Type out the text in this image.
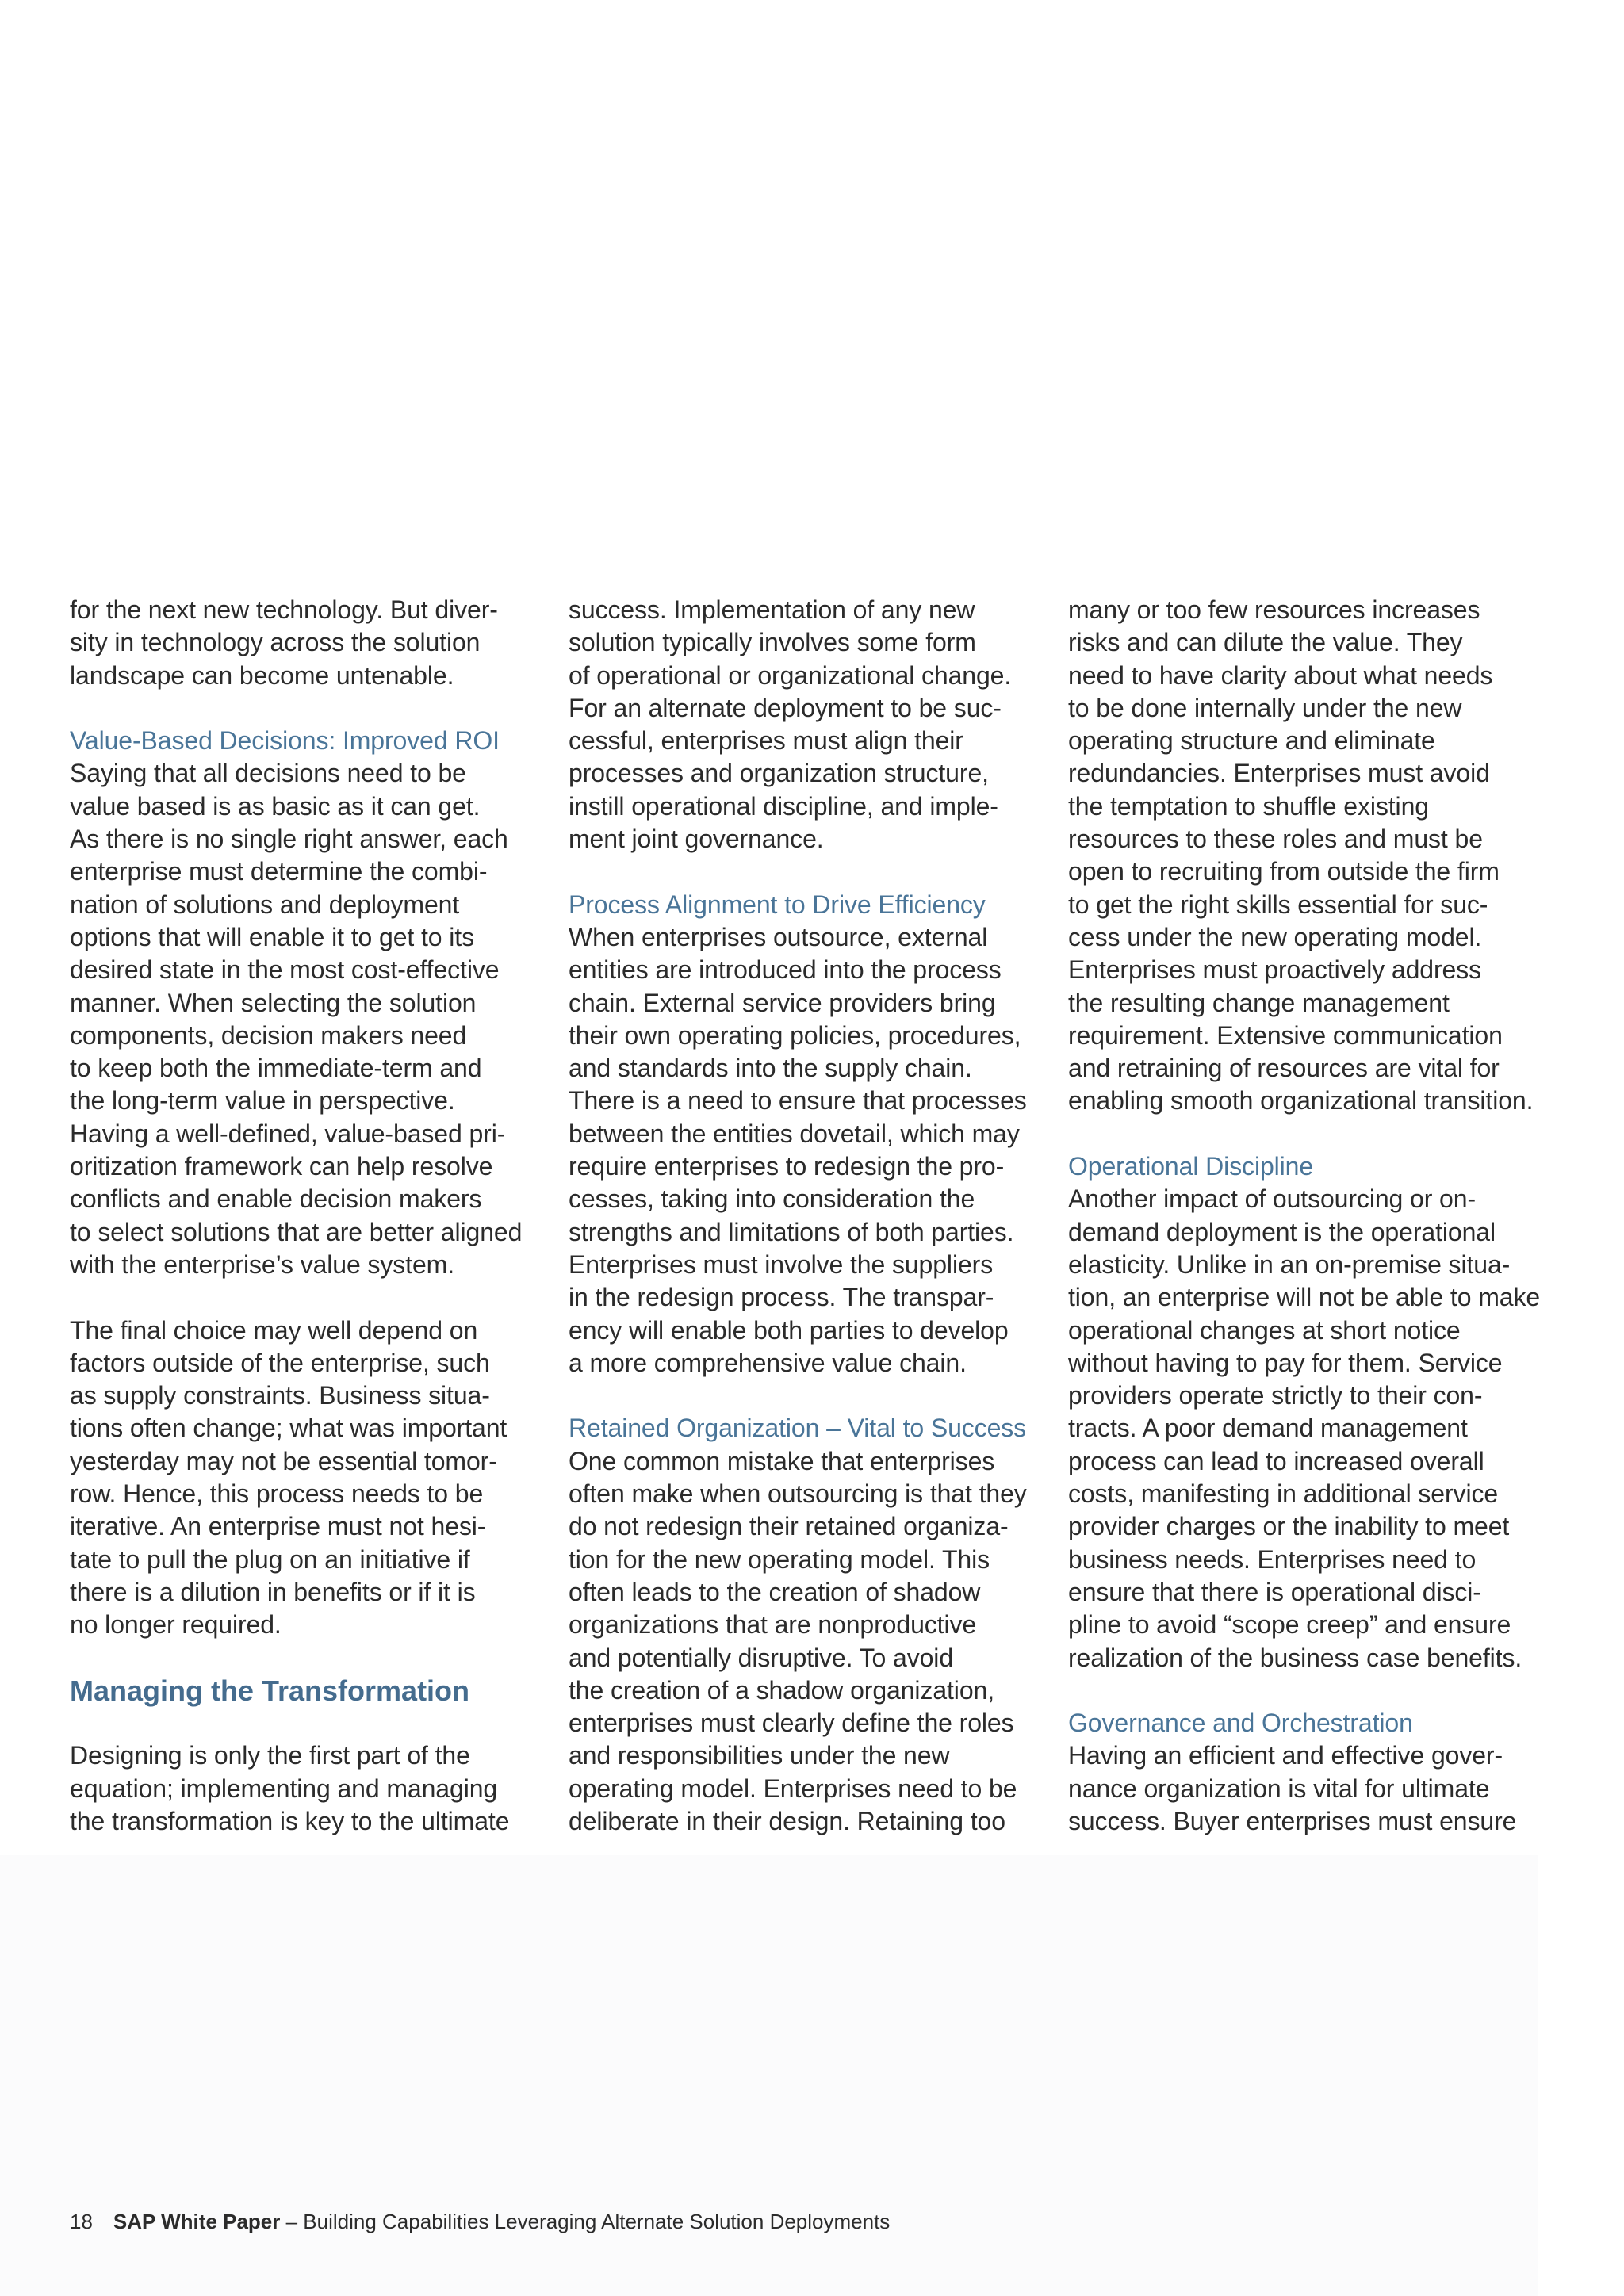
for the next new technology. But diver-
sity in technology across the solution
landscape can become untenable.
Value-Based Decisions: Improved ROI
Saying that all decisions need to be
value based is as basic as it can get.
As there is no single right answer, each
enterprise must determine the combi-
nation of solutions and deployment
options that will enable it to get to its
desired state in the most cost-effective
manner. When selecting the solution
components, decision makers need
to keep both the immediate-term and
the long-term value in perspective.
Having a well-defined, value-based pri-
oritization framework can help resolve
conflicts and enable decision makers
to select solutions that are better aligned
with the enterprise’s value system.
The final choice may well depend on
factors outside of the enterprise, such
as supply constraints. Business situa-
tions often change; what was important
yesterday may not be essential tomor-
row. Hence, this process needs to be
iterative. An enterprise must not hesi-
tate to pull the plug on an initiative if
there is a dilution in benefits or if it is
no longer required.
Managing the Transformation
Designing is only the first part of the
equation; implementing and managing
the transformation is key to the ultimate
success. Implementation of any new
solution typically involves some form
of operational or organizational change.
For an alternate deployment to be suc-
cessful, enterprises must align their
processes and organization structure,
instill operational discipline, and imple-
ment joint governance.
Process Alignment to Drive Efficiency
When enterprises outsource, external
entities are introduced into the process
chain. External service providers bring
their own operating policies, procedures,
and standards into the supply chain.
There is a need to ensure that processes
between the entities dovetail, which may
require enterprises to redesign the pro-
cesses, taking into consideration the
strengths and limitations of both parties.
Enterprises must involve the suppliers
in the redesign process. The transpar-
ency will enable both parties to develop
a more comprehensive value chain.
Retained Organization – Vital to Success
One common mistake that enterprises
often make when outsourcing is that they
do not redesign their retained organiza-
tion for the new operating model. This
often leads to the creation of shadow
organizations that are nonproductive
and potentially disruptive. To avoid
the creation of a shadow organization,
enterprises must clearly define the roles
and responsibilities under the new
operating model. Enterprises need to be
deliberate in their design. Retaining too
many or too few resources increases
risks and can dilute the value. They
need to have clarity about what needs
to be done internally under the new
operating structure and eliminate
redundancies. Enterprises must avoid
the temptation to shuffle existing
resources to these roles and must be
open to recruiting from outside the firm
to get the right skills essential for suc-
cess under the new operating model.
Enterprises must proactively address
the resulting change management
requirement. Extensive communication
and retraining of resources are vital for
enabling smooth organizational transition.
Operational Discipline
Another impact of outsourcing or on-
demand deployment is the operational
elasticity. Unlike in an on-premise situa-
tion, an enterprise will not be able to make
operational changes at short notice
without having to pay for them. Service
providers operate strictly to their con-
tracts. A poor demand management
process can lead to increased overall
costs, manifesting in additional service
provider charges or the inability to meet
business needs. Enterprises need to
ensure that there is operational disci-
pline to avoid “scope creep” and ensure
realization of the business case benefits.
Governance and Orchestration
Having an efficient and effective gover-
nance organization is vital for ultimate
success. Buyer enterprises must ensure
18 SAP White Paper – Building Capabilities Leveraging Alternate Solution Deployments
